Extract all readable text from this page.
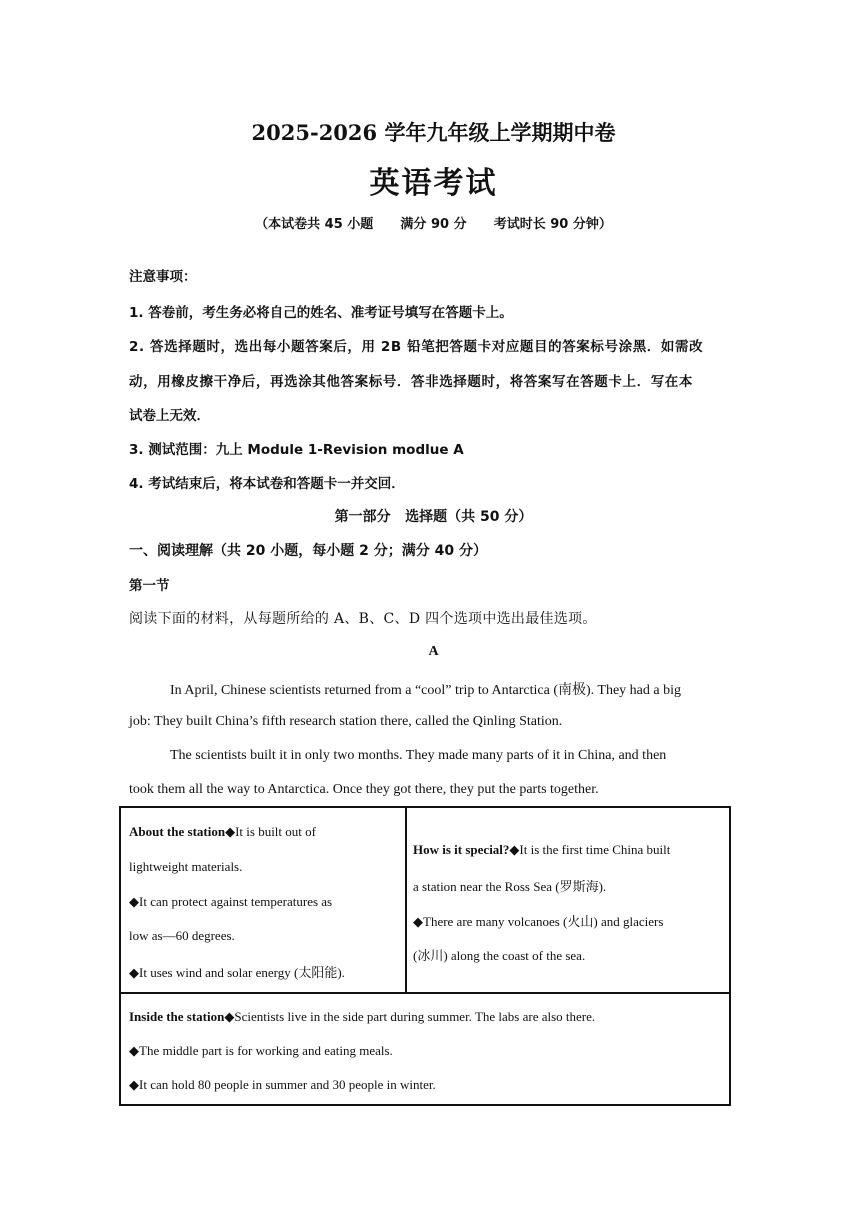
2025-2026 学年九年级上学期期中卷
英语考试
（本试卷共 45 小题      满分 90 分      考试时长 90 分钟）
注意事项：
1. 答卷前，考生务必将自己的姓名、准考证号填写在答题卡上。
2. 答选择题时，选出每小题答案后，用 2B 铅笔把答题卡对应题目的答案标号涂黑．如需改
动，用橡皮擦干净后，再选涂其他答案标号．答非选择题时，将答案写在答题卡上．写在本
试卷上无效．
3. 测试范围：九上 Module 1-Revision modlue A
4. 考试结束后，将本试卷和答题卡一并交回．
第一部分   选择题（共 50 分）
一、阅读理解（共 20 小题，每小题 2 分；满分 40 分）
第一节
阅读下面的材料，从每题所给的 A、B、C、D 四个选项中选出最佳选项。
A
In April, Chinese scientists returned from a “cool” trip to Antarctica (南极). They had a big
job: They built China’s fifth research station there, called the Qinling Station.
The scientists built it in only two months. They made many parts of it in China, and then
took them all the way to Antarctica. Once they got there, they put the parts together.
About the station◆It is built out of
lightweight materials.
◆It can protect against temperatures as
low as—60 degrees.
◆It uses wind and solar energy (太阳能).
How is it special?◆It is the first time China built
a station near the Ross Sea (罗斯海).
◆There are many volcanoes (火山) and glaciers
(冰川) along the coast of the sea.
Inside the station◆Scientists live in the side part during summer. The labs are also there.
◆The middle part is for working and eating meals.
◆It can hold 80 people in summer and 30 people in winter.
